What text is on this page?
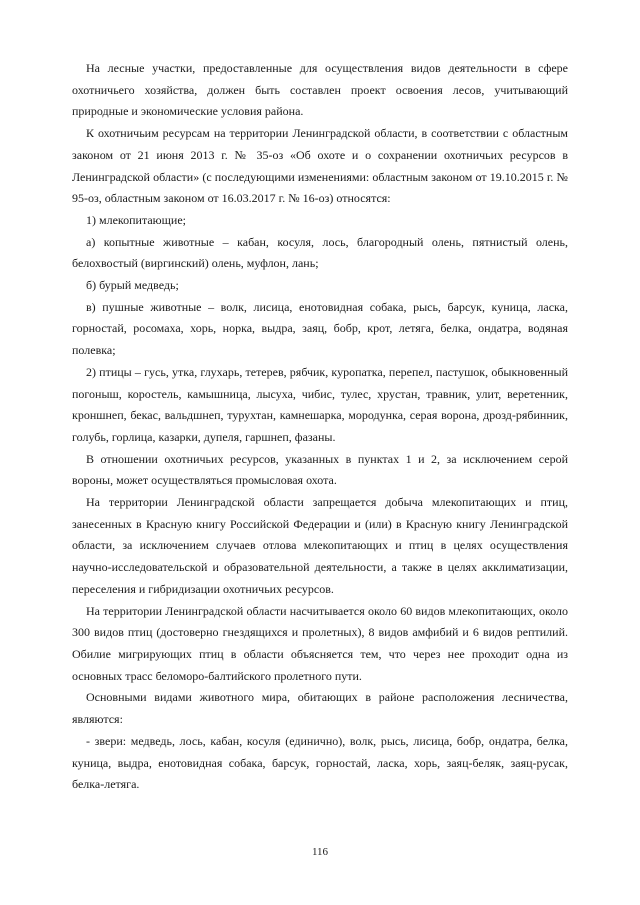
На лесные участки, предоставленные для осуществления видов деятельности в сфере охотничьего хозяйства, должен быть составлен проект освоения лесов, учитывающий природные и экономические условия района.

К охотничьим ресурсам на территории Ленинградской области, в соответствии с областным законом от 21 июня 2013 г. № 35-оз «Об охоте и о сохранении охотничьих ресурсов в Ленинградской области» (с последующими изменениями: областным законом от 19.10.2015 г. № 95-оз, областным законом от 16.03.2017 г. № 16-оз) относятся:

1) млекопитающие;

а) копытные животные – кабан, косуля, лось, благородный олень, пятнистый олень, белохвостый (виргинский) олень, муфлон, лань;

б) бурый медведь;

в) пушные животные – волк, лисица, енотовидная собака, рысь, барсук, куница, ласка, горностай, росомаха, хорь, норка, выдра, заяц, бобр, крот, летяга, белка, ондатра, водяная полевка;

2) птицы – гусь, утка, глухарь, тетерев, рябчик, куропатка, перепел, пастушок, обыкновенный погоныш, коростель, камышница, лысуха, чибис, тулес, хрустан, травник, улит, веретенник, кроншнеп, бекас, вальдшнеп, турухтан, камнешарка, мородунка, серая ворона, дрозд-рябинник, голубь, горлица, казарки, дупеля, гаршнеп, фазаны.

В отношении охотничьих ресурсов, указанных в пунктах 1 и 2, за исключением серой вороны, может осуществляться промысловая охота.

На территории Ленинградской области запрещается добыча млекопитающих и птиц, занесенных в Красную книгу Российской Федерации и (или) в Красную книгу Ленинградской области, за исключением случаев отлова млекопитающих и птиц в целях осуществления научно-исследовательской и образовательной деятельности, а также в целях акклиматизации, переселения и гибридизации охотничьих ресурсов.

На территории Ленинградской области насчитывается около 60 видов млекопитающих, около 300 видов птиц (достоверно гнездящихся и пролетных), 8 видов амфибий и 6 видов рептилий. Обилие мигрирующих птиц в области объясняется тем, что через нее проходит одна из основных трасс беломоро-балтийского пролетного пути.

Основными видами животного мира, обитающих в районе расположения лесничества, являются:

- звери: медведь, лось, кабан, косуля (единично), волк, рысь, лисица, бобр, ондатра, белка, куница, выдра, енотовидная собака, барсук, горностай, ласка, хорь, заяц-беляк, заяц-русак, белка-летяга.

116
